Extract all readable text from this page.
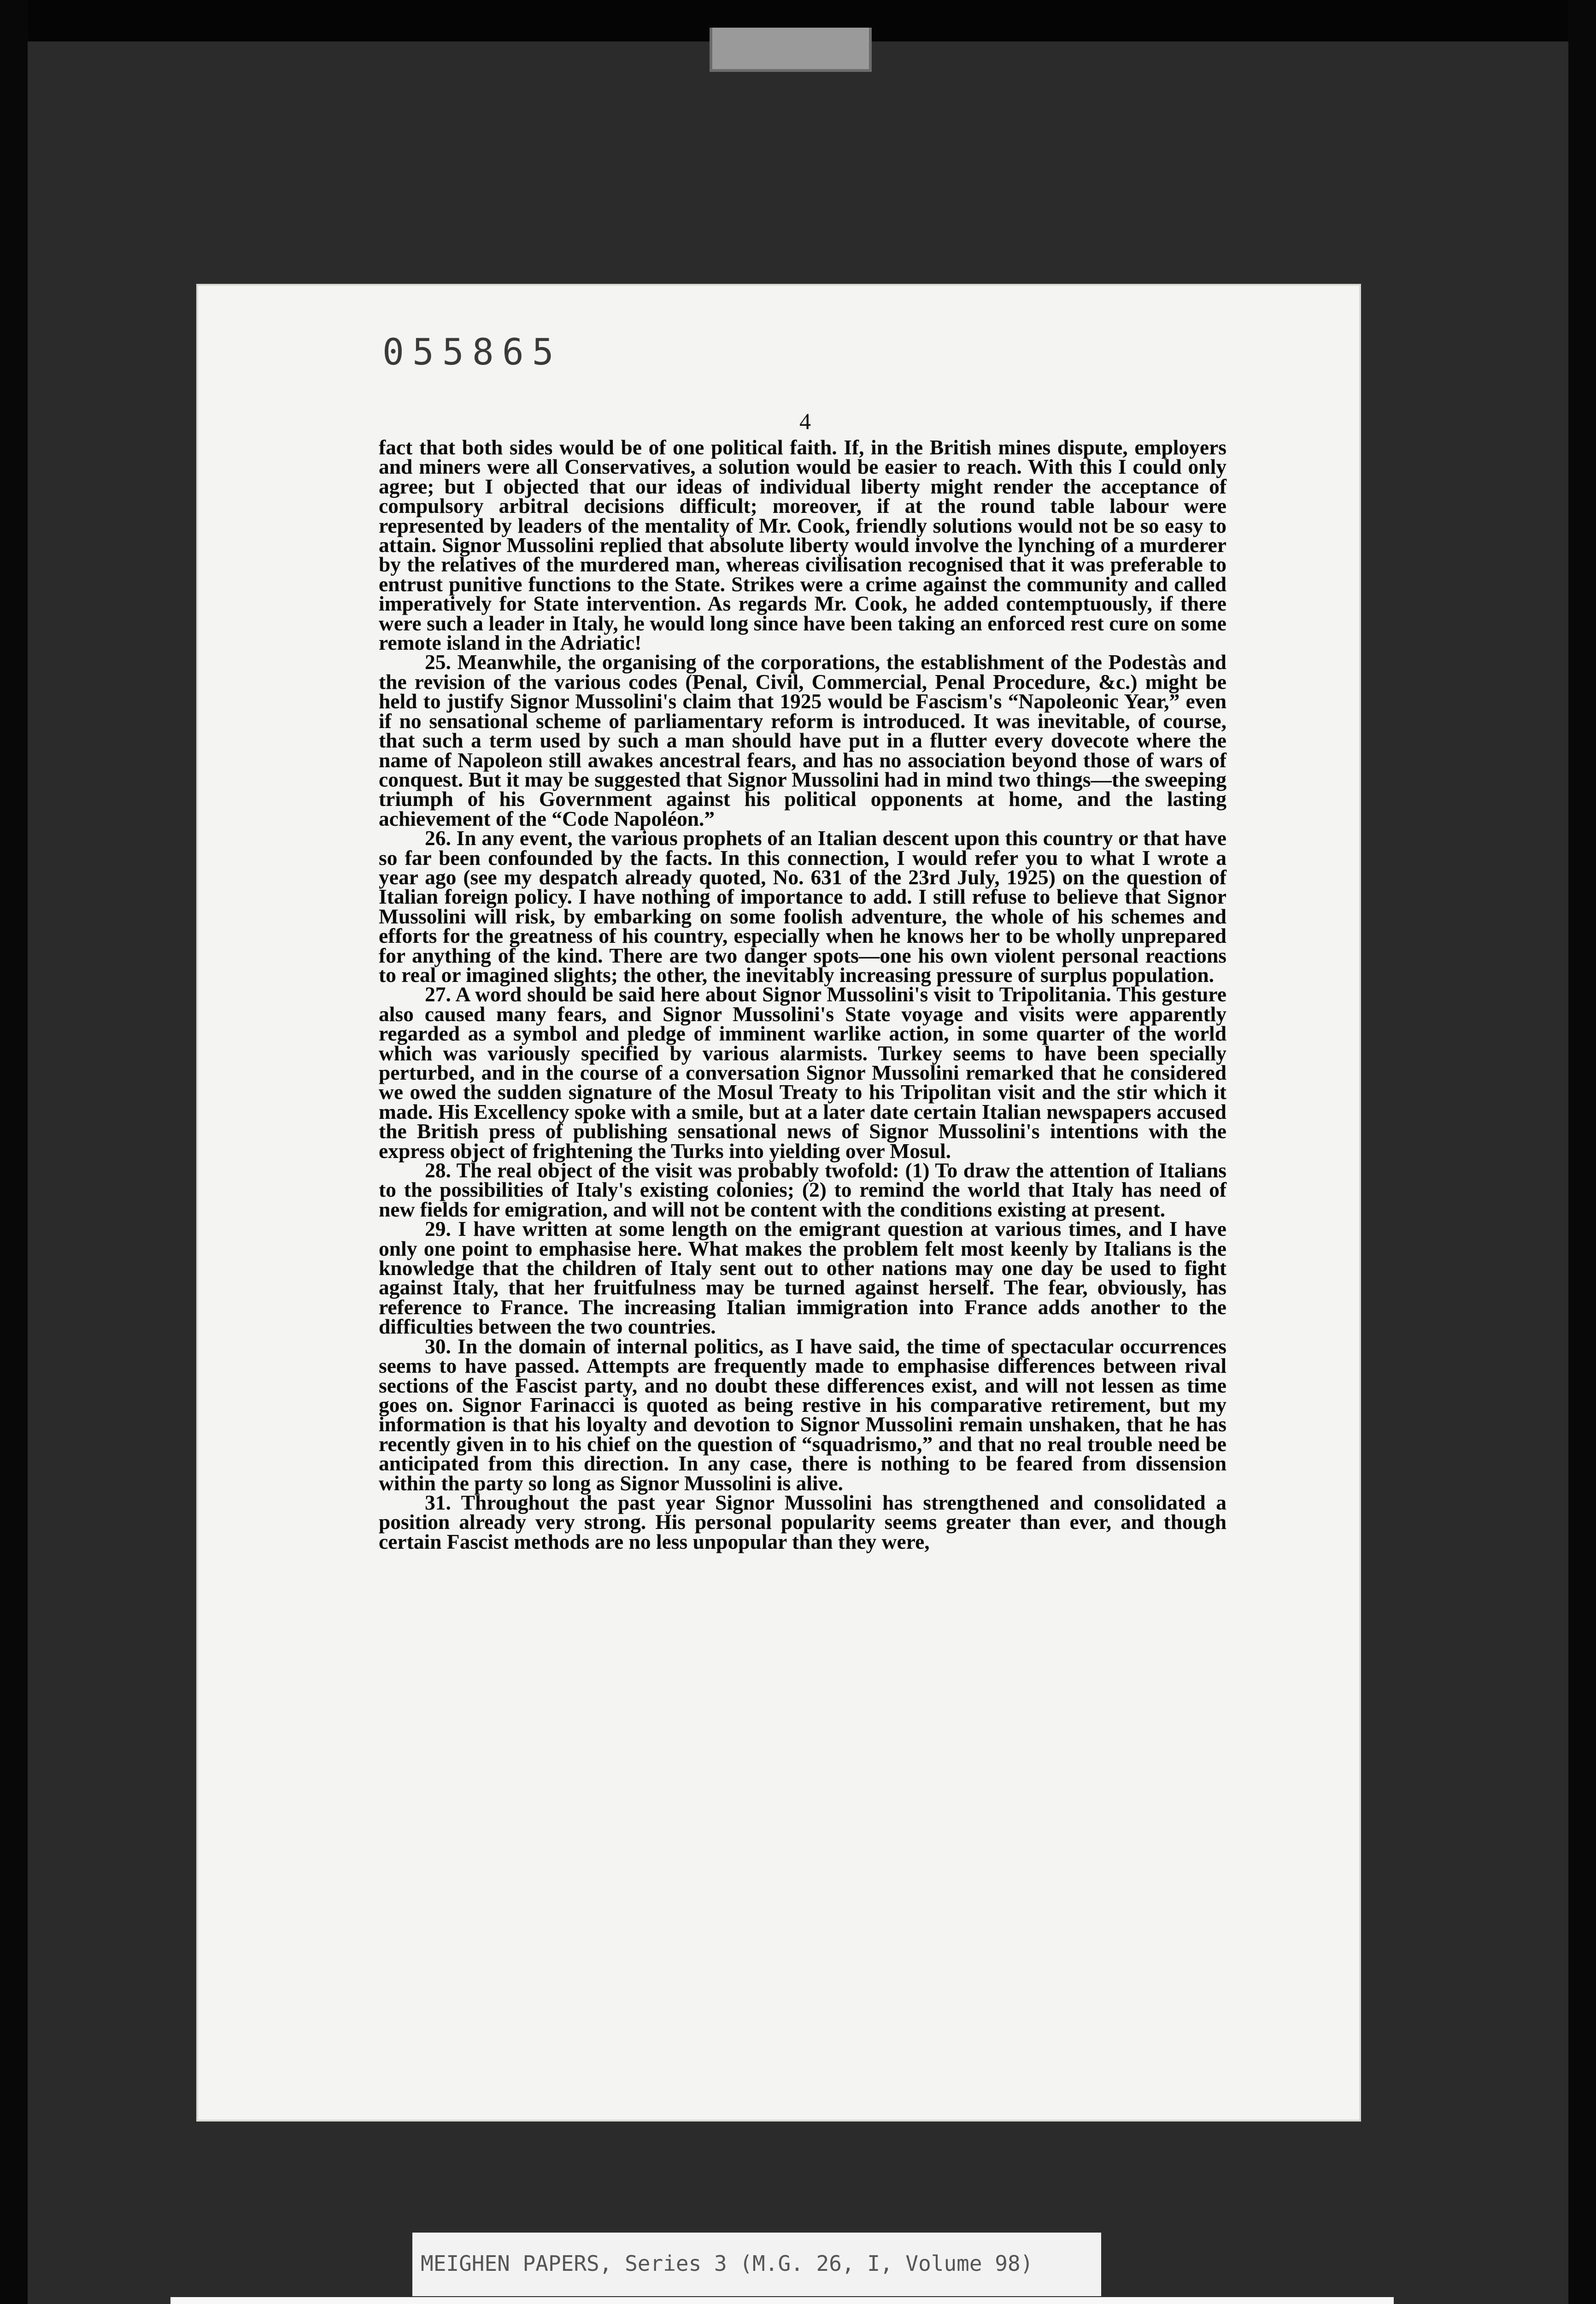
055865
4

fact that both sides would be of one political faith. If, in the British mines dispute, employers and miners were all Conservatives, a solution would be easier to reach. With this I could only agree; but I objected that our ideas of individual liberty might render the acceptance of compulsory arbitral decisions difficult; moreover, if at the round table labour were represented by leaders of the mentality of Mr. Cook, friendly solutions would not be so easy to attain. Signor Mussolini replied that absolute liberty would involve the lynching of a murderer by the relatives of the murdered man, whereas civilisation recognised that it was preferable to entrust punitive functions to the State. Strikes were a crime against the community and called imperatively for State intervention. As regards Mr. Cook, he added contemptuously, if there were such a leader in Italy, he would long since have been taking an enforced rest cure on some remote island in the Adriatic!

25. Meanwhile, the organising of the corporations, the establishment of the Podestàs and the revision of the various codes (Penal, Civil, Commercial, Penal Procedure, &c.) might be held to justify Signor Mussolini's claim that 1925 would be Fascism's “Napoleonic Year,” even if no sensational scheme of parliamentary reform is introduced. It was inevitable, of course, that such a term used by such a man should have put in a flutter every dovecote where the name of Napoleon still awakes ancestral fears, and has no association beyond those of wars of conquest. But it may be suggested that Signor Mussolini had in mind two things—the sweeping triumph of his Government against his political opponents at home, and the lasting achievement of the “Code Napoléon.”

26. In any event, the various prophets of an Italian descent upon this country or that have so far been confounded by the facts. In this connection, I would refer you to what I wrote a year ago (see my despatch already quoted, No. 631 of the 23rd July, 1925) on the question of Italian foreign policy. I have nothing of importance to add. I still refuse to believe that Signor Mussolini will risk, by embarking on some foolish adventure, the whole of his schemes and efforts for the greatness of his country, especially when he knows her to be wholly unprepared for anything of the kind. There are two danger spots—one his own violent personal reactions to real or imagined slights; the other, the inevitably increasing pressure of surplus population.

27. A word should be said here about Signor Mussolini's visit to Tripolitania. This gesture also caused many fears, and Signor Mussolini's State voyage and visits were apparently regarded as a symbol and pledge of imminent warlike action, in some quarter of the world which was variously specified by various alarmists. Turkey seems to have been specially perturbed, and in the course of a conversation Signor Mussolini remarked that he considered we owed the sudden signature of the Mosul Treaty to his Tripolitan visit and the stir which it made. His Excellency spoke with a smile, but at a later date certain Italian newspapers accused the British press of publishing sensational news of Signor Mussolini's intentions with the express object of frightening the Turks into yielding over Mosul.

28. The real object of the visit was probably twofold: (1) To draw the attention of Italians to the possibilities of Italy's existing colonies; (2) to remind the world that Italy has need of new fields for emigration, and will not be content with the conditions existing at present.

29. I have written at some length on the emigrant question at various times, and I have only one point to emphasise here. What makes the problem felt most keenly by Italians is the knowledge that the children of Italy sent out to other nations may one day be used to fight against Italy, that her fruitfulness may be turned against herself. The fear, obviously, has reference to France. The increasing Italian immigration into France adds another to the difficulties between the two countries.

30. In the domain of internal politics, as I have said, the time of spectacular occurrences seems to have passed. Attempts are frequently made to emphasise differences between rival sections of the Fascist party, and no doubt these differences exist, and will not lessen as time goes on. Signor Farinacci is quoted as being restive in his comparative retirement, but my information is that his loyalty and devotion to Signor Mussolini remain unshaken, that he has recently given in to his chief on the question of “squadrismo,” and that no real trouble need be anticipated from this direction. In any case, there is nothing to be feared from dissension within the party so long as Signor Mussolini is alive.

31. Throughout the past year Signor Mussolini has strengthened and consolidated a position already very strong. His personal popularity seems greater than ever, and though certain Fascist methods are no less unpopular than they were,

MEIGHEN PAPERS, Series 3 (M.G. 26, I, Volume 98)
